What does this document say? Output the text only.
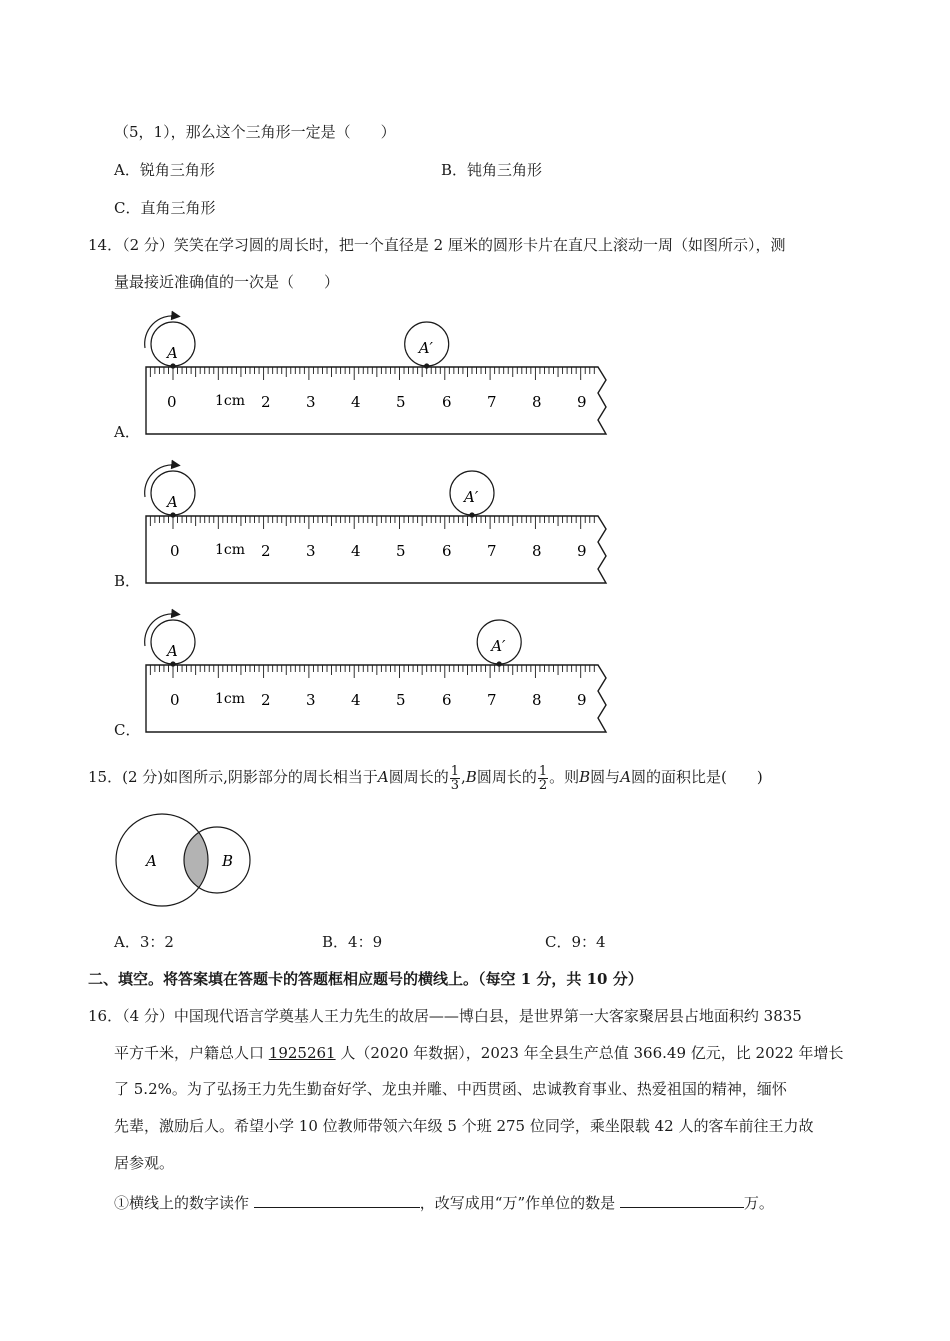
（5，1），那么这个三角形一定是（　　）
A．锐角三角形	B．钝角三角形
C．直角三角形
14．（2 分）笑笑在学习圆的周长时，把一个直径是 2 厘米的圆形卡片在直尺上滚动一周（如图所示），测
量最接近准确值的一次是（　　）
A．
B．
C．
0	1cm 2 3 4 5 6 7 8 9
A	A′
0	1cm 2 3 4 5 6 7 8 9
A	A′
0	1cm 2 3 4 5 6 7 8 9
A	A′
15．(2 分)如图所示,阴影部分的周长相当于A圆周长的 $\frac{1}{3} ,B$圆周长的 $\frac{1}{2}$ 。则B圆与A圆的面积比是(　　)
A	B
A．3：2	B．4：9	C．9：4
二、填空。将答案填在答题卡的答题框相应题号的横线上。（每空 1 分，共 10 分）
16．（4 分）中国现代语言学奠基人王力先生的故居——博白县，是世界第一大客家聚居县占地面积约 3835
平方千米，户籍总人口 1925261 人（2020 年数据），2023 年全县生产总值 366.49 亿元，比 2022 年增长
了 5.2%。为了弘扬王力先生勤奋好学、龙虫并雕、中西贯函、忠诚教育事业、热爱祖国的精神，缅怀
先辈，激励后人。希望小学 10 位教师带领六年级 5 个班 275 位同学，乘坐限载 42 人的客车前往王力故
居参观。
①横线上的数字读作	，改写成用“万”作单位的数是	万。
